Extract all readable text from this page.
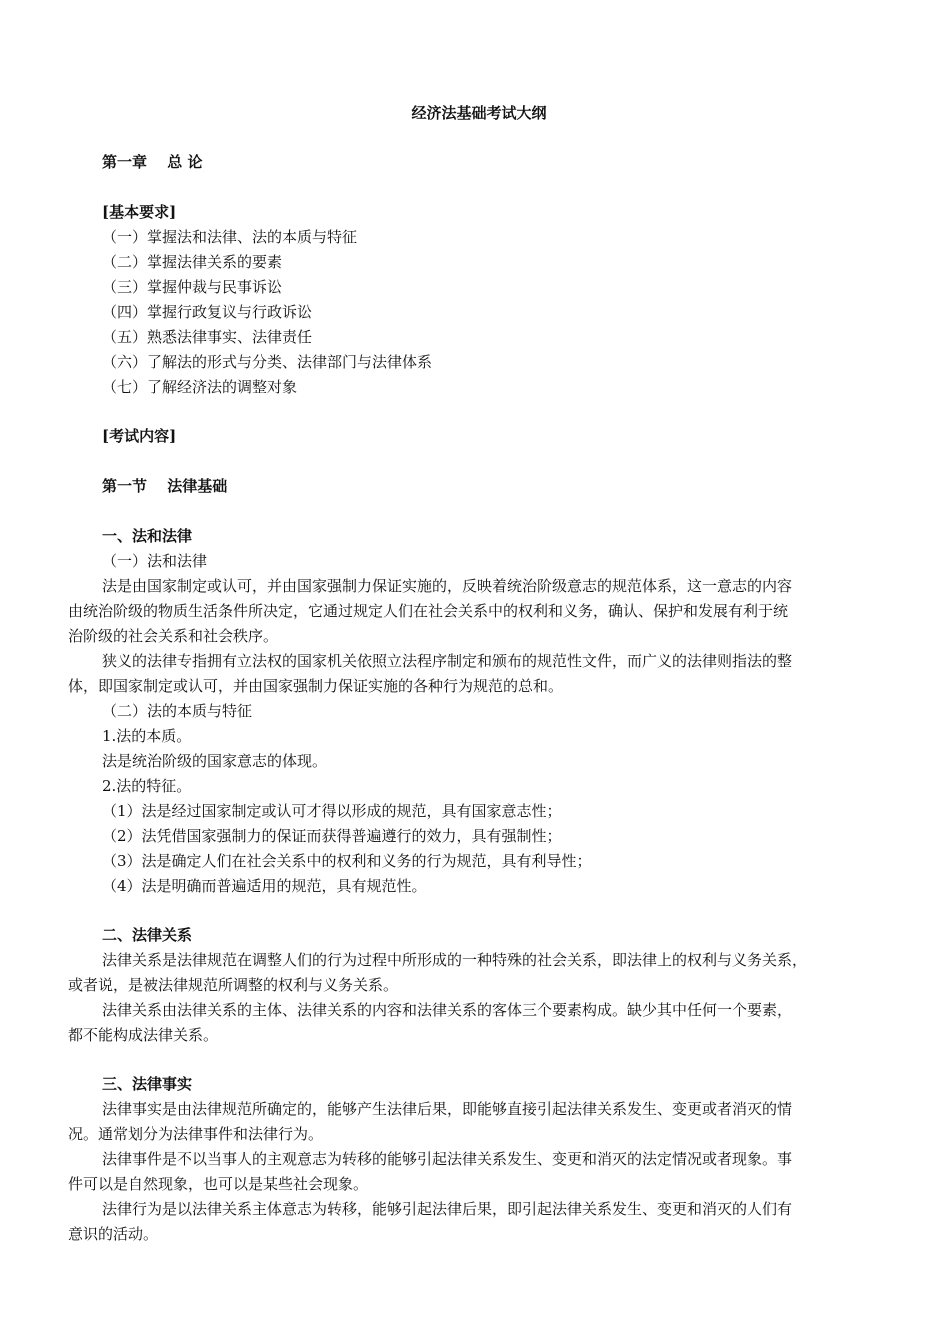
经济法基础考试大纲
第一章　 总 论
[基本要求]
（一）掌握法和法律、法的本质与特征
（二）掌握法律关系的要素
（三）掌握仲裁与民事诉讼
（四）掌握行政复议与行政诉讼
（五）熟悉法律事实、法律责任
（六）了解法的形式与分类、法律部门与法律体系
（七）了解经济法的调整对象
[考试内容]
第一节　 法律基础
一、法和法律
（一）法和法律
法是由国家制定或认可，并由国家强制力保证实施的，反映着统治阶级意志的规范体系，这一意志的内容
由统治阶级的物质生活条件所决定，它通过规定人们在社会关系中的权利和义务，确认、保护和发展有利于统
治阶级的社会关系和社会秩序。
狭义的法律专指拥有立法权的国家机关依照立法程序制定和颁布的规范性文件，而广义的法律则指法的整
体，即国家制定或认可，并由国家强制力保证实施的各种行为规范的总和。
（二）法的本质与特征
1.法的本质。
法是统治阶级的国家意志的体现。
2.法的特征。
（1）法是经过国家制定或认可才得以形成的规范，具有国家意志性；
（2）法凭借国家强制力的保证而获得普遍遵行的效力，具有强制性；
（3）法是确定人们在社会关系中的权利和义务的行为规范，具有利导性；
（4）法是明确而普遍适用的规范，具有规范性。
二、法律关系
法律关系是法律规范在调整人们的行为过程中所形成的一种特殊的社会关系，即法律上的权利与义务关系，
或者说，是被法律规范所调整的权利与义务关系。
法律关系由法律关系的主体、法律关系的内容和法律关系的客体三个要素构成。缺少其中任何一个要素，
都不能构成法律关系。
三、法律事实
法律事实是由法律规范所确定的，能够产生法律后果，即能够直接引起法律关系发生、变更或者消灭的情
况。通常划分为法律事件和法律行为。
法律事件是不以当事人的主观意志为转移的能够引起法律关系发生、变更和消灭的法定情况或者现象。事
件可以是自然现象，也可以是某些社会现象。
法律行为是以法律关系主体意志为转移，能够引起法律后果，即引起法律关系发生、变更和消灭的人们有
意识的活动。
